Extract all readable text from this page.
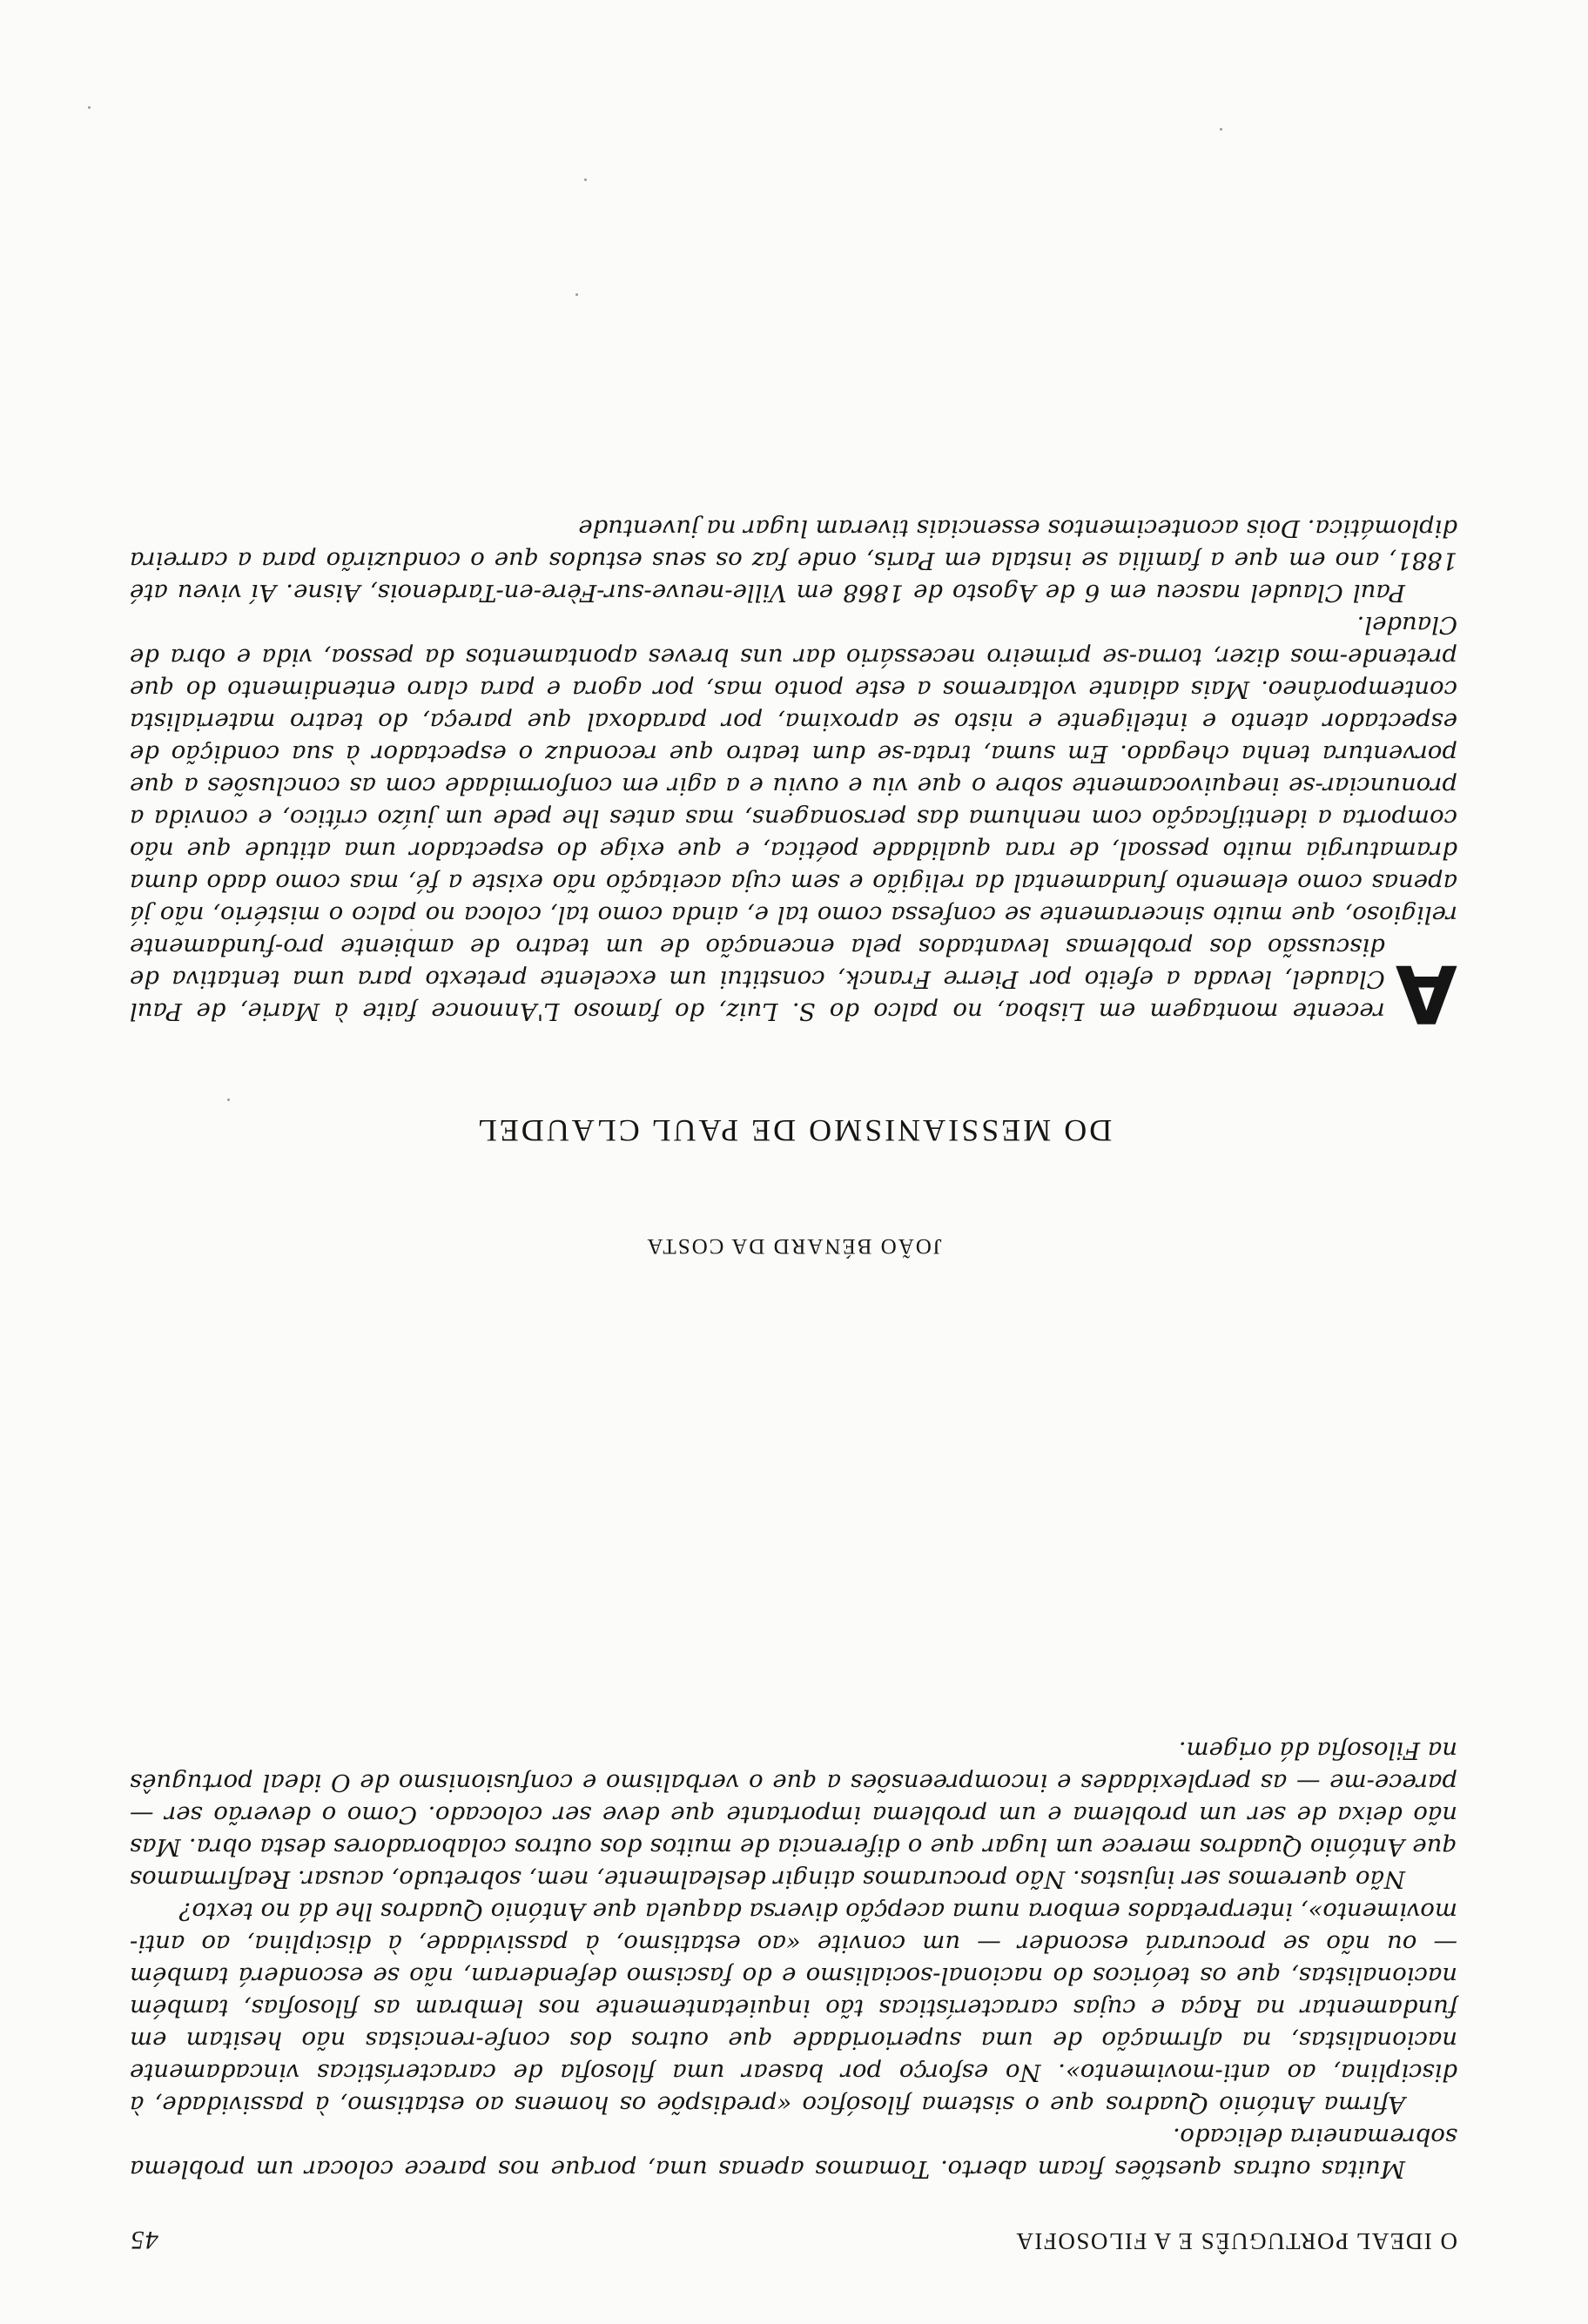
O IDEAL PORTUGUÊS E A FILOSOFIA
45

Muitas outras questões ficam aberto. Tomamos apenas uma, porque nos parece colocar um problema sobremaneira delicado.

Afirma António Quadros que o sistema filosófico «predispõe os homens ao estatismo, à passividade, à disciplina, ao anti-movimento». No esforço por basear uma filosofia de características vincadamente nacionalistas, na afirmação de uma superioridade que outros dos confe-rencistas não hesitam em fundamentar na Raça e cujas características tão inquietantemente nos lembram as filosofias, também nacionalistas, que os teóricos do nacional-socialismo e do fascismo defenderam, não se esconderá também — ou não se procurará esconder — um convite «ao estatismo, à passividade, à disciplina, ao anti-movimento», interpretados embora numa acepção diversa daquela que António Quadros lhe dá no texto?

Não queremos ser injustos. Não procuramos atingir deslealmente, nem, sobretudo, acusar. Reafirmamos que António Quadros merece um lugar que o diferencia de muitos dos outros colaboradores desta obra. Mas não deixa de ser um problema e um problema importante que deve ser colocado. Como o deverão ser — parece-me — as perplexidades e incompreensões a que o verbalismo e confusionismo de O ideal português na Filosofia dá origem.

JOÃO BÉNARD DA COSTA
DO MESSIANISMO DE PAUL CLAUDEL

A
recente montagem em Lisboa, no palco do S. Luiz, do famoso L'Annonce faite à Marie, de Paul Claudel, levada a efeito por Pierre Franck, constitui um excelente pretexto para uma tentativa de discussão dos problemas levantados pela encenação de um teatro de ambiente pro-fundamente religioso, que muito sinceramente se confessa como tal e, ainda como tal, coloca no palco o mistério, não já apenas como elemento fundamental da religião e sem cuja aceitação não existe a fé, mas como dado duma dramaturgia muito pessoal, de rara qualidade poética, e que exige do espectador uma atitude que não comporta a identificação com nenhuma das personagens, mas antes lhe pede um juízo crítico, e convida a pronunciar-se inequivocamente sobre o que viu e ouviu e a agir em conformidade com as conclusões a que porventura tenha chegado. Em suma, trata-se dum teatro que reconduz o espectador à sua condição de espectador atento e inteligente e nisto se aproxima, por paradoxal que pareça, do teatro materialista contemporâneo. Mais adiante voltaremos a este ponto mas, por agora e para claro entendimento do que pretende-mos dizer, torna-se primeiro necessário dar uns breves apontamentos da pessoa, vida e obra de Claudel.

Paul Claudel nasceu em 6 de Agosto de 1868 em Ville-neuve-sur-Fère-en-Tardenois, Aisne. Aí viveu até 1881, ano em que a família se instala em Paris, onde faz os seus estudos que o conduzirão para a carreira diplomática. Dois acontecimentos essenciais tiveram lugar na juventude
